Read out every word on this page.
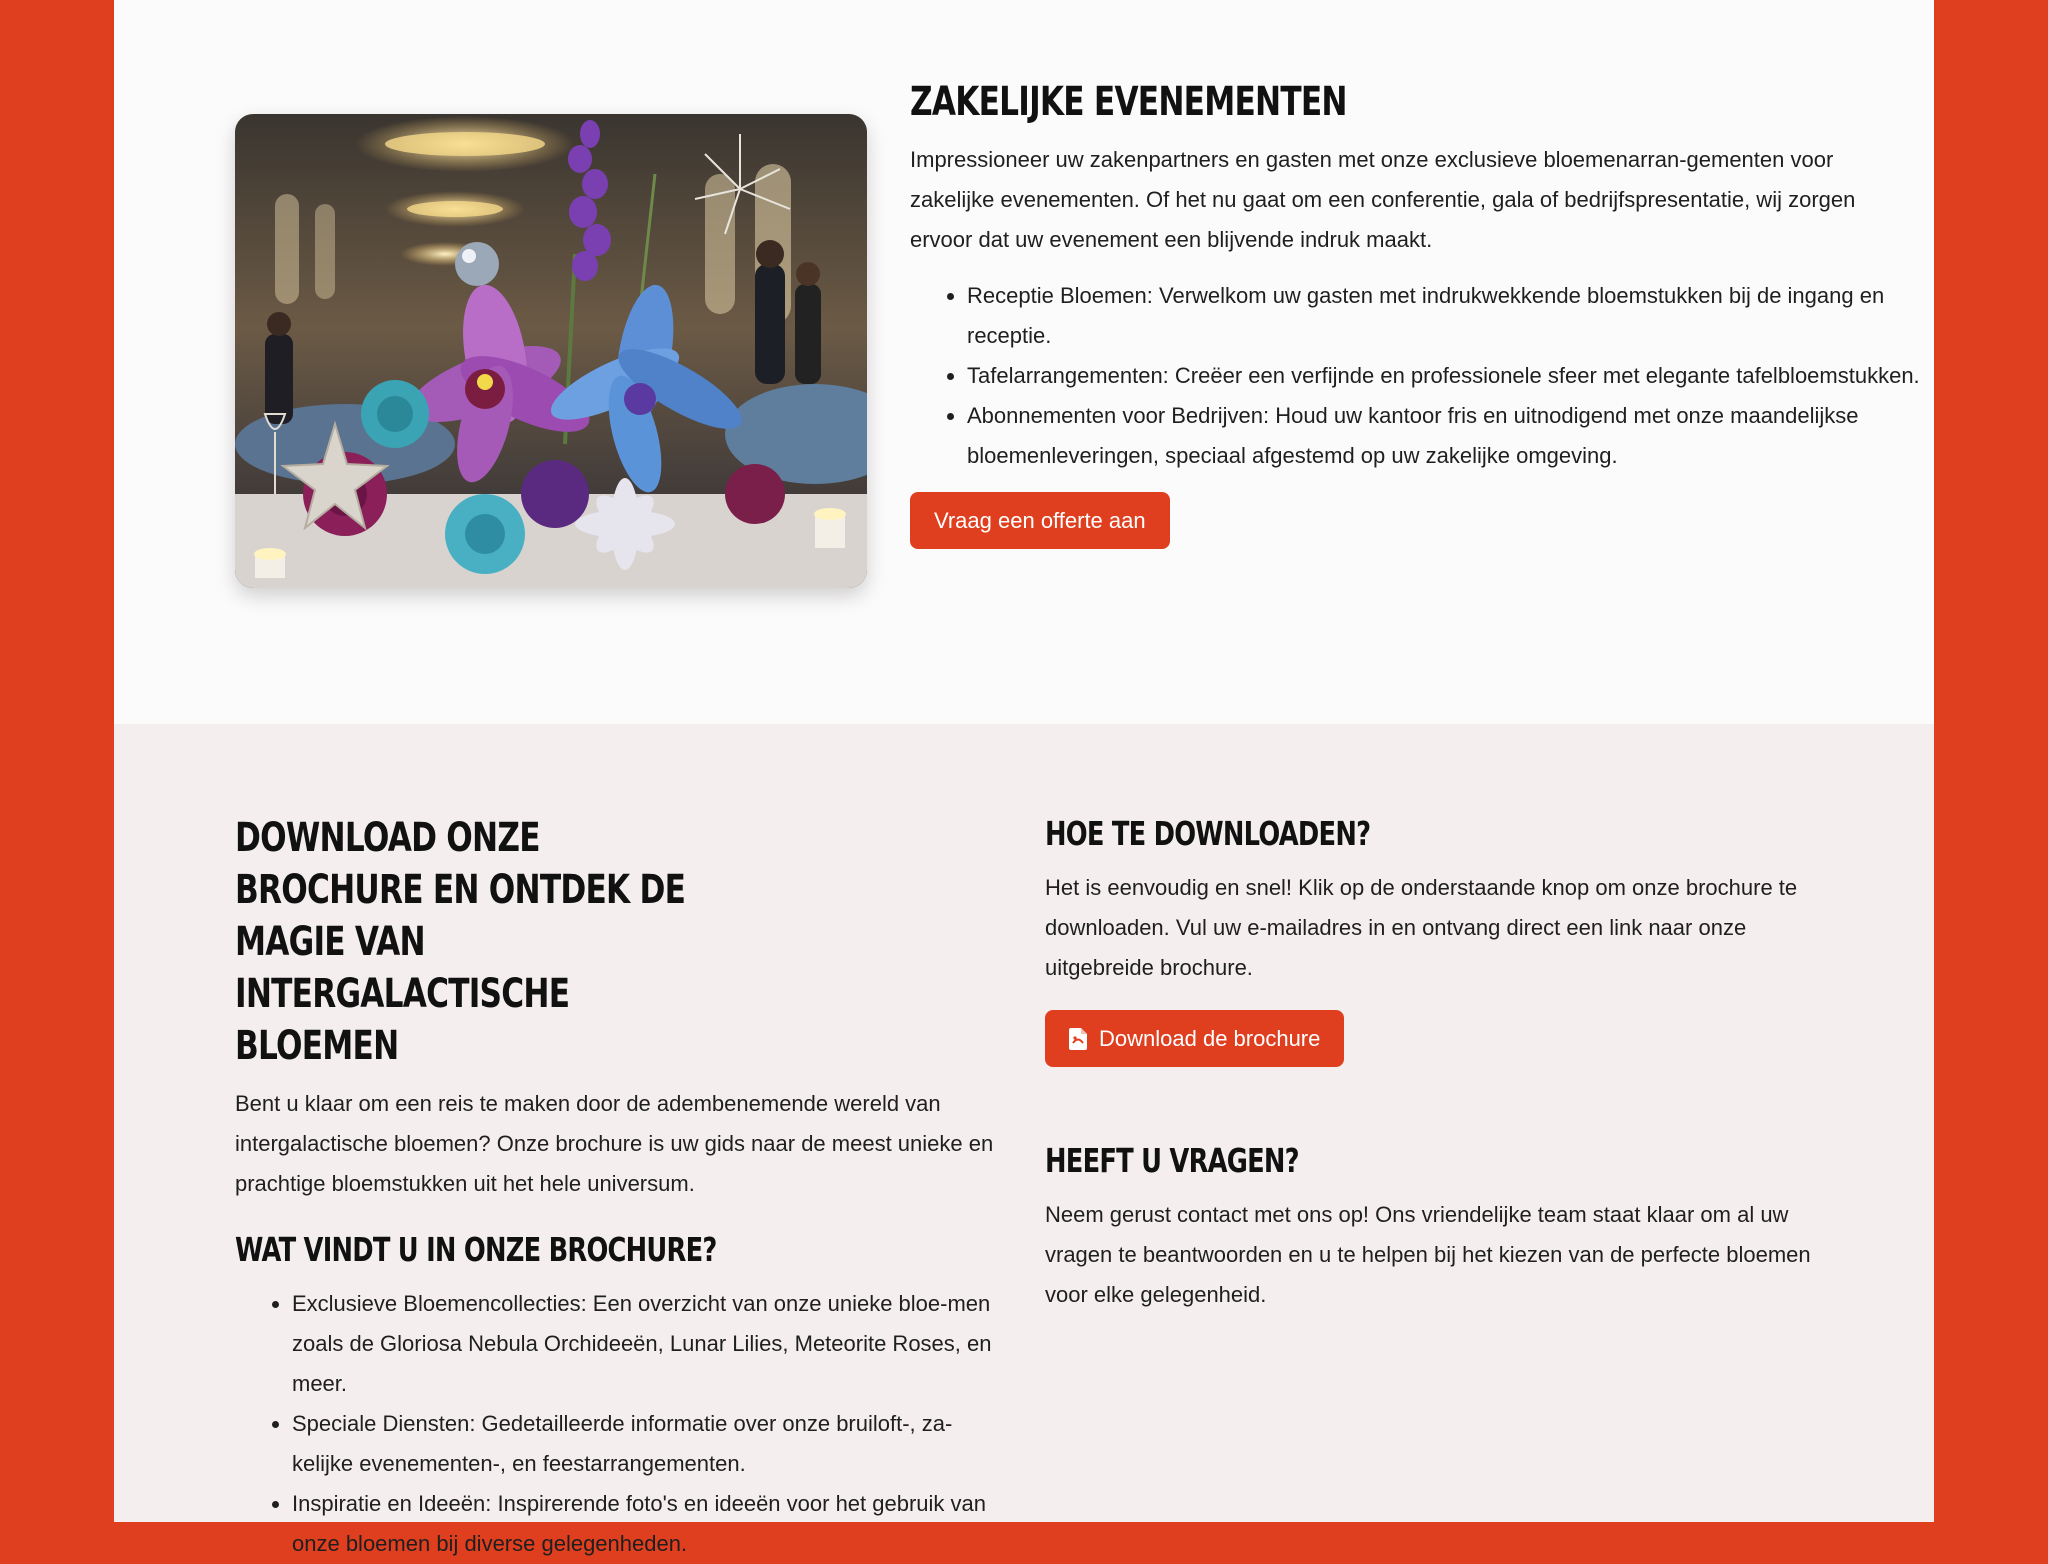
ZAKELIJKE EVENEMENTEN

Impressioneer uw zakenpartners en gasten met onze exclusieve bloemenarran-gementen voor zakelijke evenementen. Of het nu gaat om een conferentie, gala of bedrijfspresentatie, wij zorgen ervoor dat uw evenement een blijvende indruk maakt.

• Receptie Bloemen: Verwelkom uw gasten met indrukwekkende bloemstukken bij de ingang en receptie.
• Tafelarrangementen: Creëer een verfijnde en professionele sfeer met elegante tafelbloemstukken.
• Abonnementen voor Bedrijven: Houd uw kantoor fris en uitnodigend met onze maandelijkse bloemenleveringen, speciaal afgestemd op uw zakelijke omgeving.
Vraag een offerte aan
DOWNLOAD ONZE BROCHURE EN ONTDEK DE MAGIE VAN INTERGALACTISCHE BLOEMEN

Bent u klaar om een reis te maken door de adembenemende wereld van intergalactische bloemen? Onze brochure is uw gids naar de meest unieke en prachtige bloemstukken uit het hele universum.

WAT VINDT U IN ONZE BROCHURE?
• Exclusieve Bloemencollecties: Een overzicht van onze unieke bloe-men zoals de Gloriosa Nebula Orchideeën, Lunar Lilies, Meteorite Roses, en meer.
• Speciale Diensten: Gedetailleerde informatie over onze bruiloft-, za-kelijke evenementen-, en feestarrangementen.
• Inspiratie en Ideeën: Inspirerende foto's en ideeën voor het gebruik van onze bloemen bij diverse gelegenheden.
HOE TE DOWNLOADEN?

Het is eenvoudig en snel! Klik op de onderstaande knop om onze brochure te downloaden. Vul uw e-mailadres in en ontvang direct een link naar onze uitgebreide brochure.

Download de brochure
HEEFT U VRAGEN?

Neem gerust contact met ons op! Ons vriendelijke team staat klaar om al uw vragen te beantwoorden en u te helpen bij het kiezen van de perfecte bloemen voor elke gelegenheid.
